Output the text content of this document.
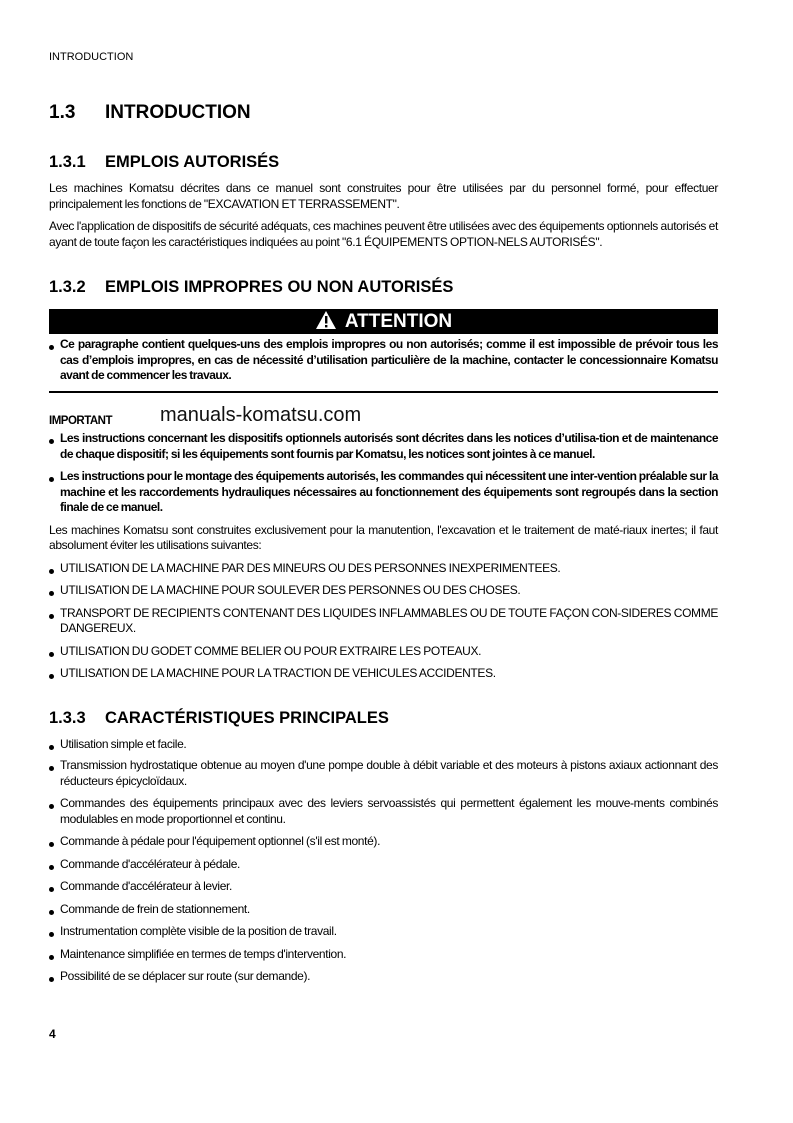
INTRODUCTION
1.3 INTRODUCTION
1.3.1 EMPLOIS AUTORISÉS
Les machines Komatsu décrites dans ce manuel sont construites pour être utilisées par du personnel formé, pour effectuer principalement les fonctions de "EXCAVATION ET TERRASSEMENT".
Avec l'application de dispositifs de sécurité adéquats, ces machines peuvent être utilisées avec des équipements optionnels autorisés et ayant de toute façon les caractéristiques indiquées au point "6.1 ÉQUIPEMENTS OPTION-NELS AUTORISÉS".
1.3.2 EMPLOIS IMPROPRES OU NON AUTORISÉS
ATTENTION
Ce paragraphe contient quelques-uns des emplois impropres ou non autorisés; comme il est impossible de prévoir tous les cas d’emplois impropres, en cas de nécessité d’utilisation particulière de la machine, contacter le concessionnaire Komatsu avant de commencer les travaux.
IMPORTANT	manuals-komatsu.com
Les instructions concernant les dispositifs optionnels autorisés sont décrites dans les notices d’utilisa-tion et de maintenance de chaque dispositif; si les équipements sont fournis par Komatsu, les notices sont jointes à ce manuel.
Les instructions pour le montage des équipements autorisés, les commandes qui nécessitent une inter-vention préalable sur la machine et les raccordements hydrauliques nécessaires au fonctionnement des équipements sont regroupés dans la section finale de ce manuel.
Les machines Komatsu sont construites exclusivement pour la manutention, l'excavation et le traitement de maté-riaux inertes; il faut absolument éviter les utilisations suivantes:
UTILISATION DE LA MACHINE PAR DES MINEURS OU DES PERSONNES INEXPERIMENTEES.
UTILISATION DE LA MACHINE POUR SOULEVER DES PERSONNES OU DES CHOSES.
TRANSPORT DE RECIPIENTS CONTENANT DES LIQUIDES INFLAMMABLES OU DE TOUTE FAÇON CON-SIDERES COMME DANGEREUX.
UTILISATION DU GODET COMME BELIER OU POUR EXTRAIRE LES POTEAUX.
UTILISATION DE LA MACHINE POUR LA TRACTION DE VEHICULES ACCIDENTES.
1.3.3 CARACTÉRISTIQUES PRINCIPALES
Utilisation simple et facile.
Transmission hydrostatique obtenue au moyen d'une pompe double à débit variable et des moteurs à pistons axiaux actionnant des réducteurs épicycloïdaux.
Commandes des équipements principaux avec des leviers servoassistés qui permettent également les mouve-ments combinés modulables en mode proportionnel et continu.
Commande à pédale pour l'équipement optionnel (s'il est monté).
Commande d'accélérateur à pédale.
Commande d'accélérateur à levier.
Commande de frein de stationnement.
Instrumentation complète visible de la position de travail.
Maintenance simplifiée en termes de temps d'intervention.
Possibilité de se déplacer sur route (sur demande).
4
